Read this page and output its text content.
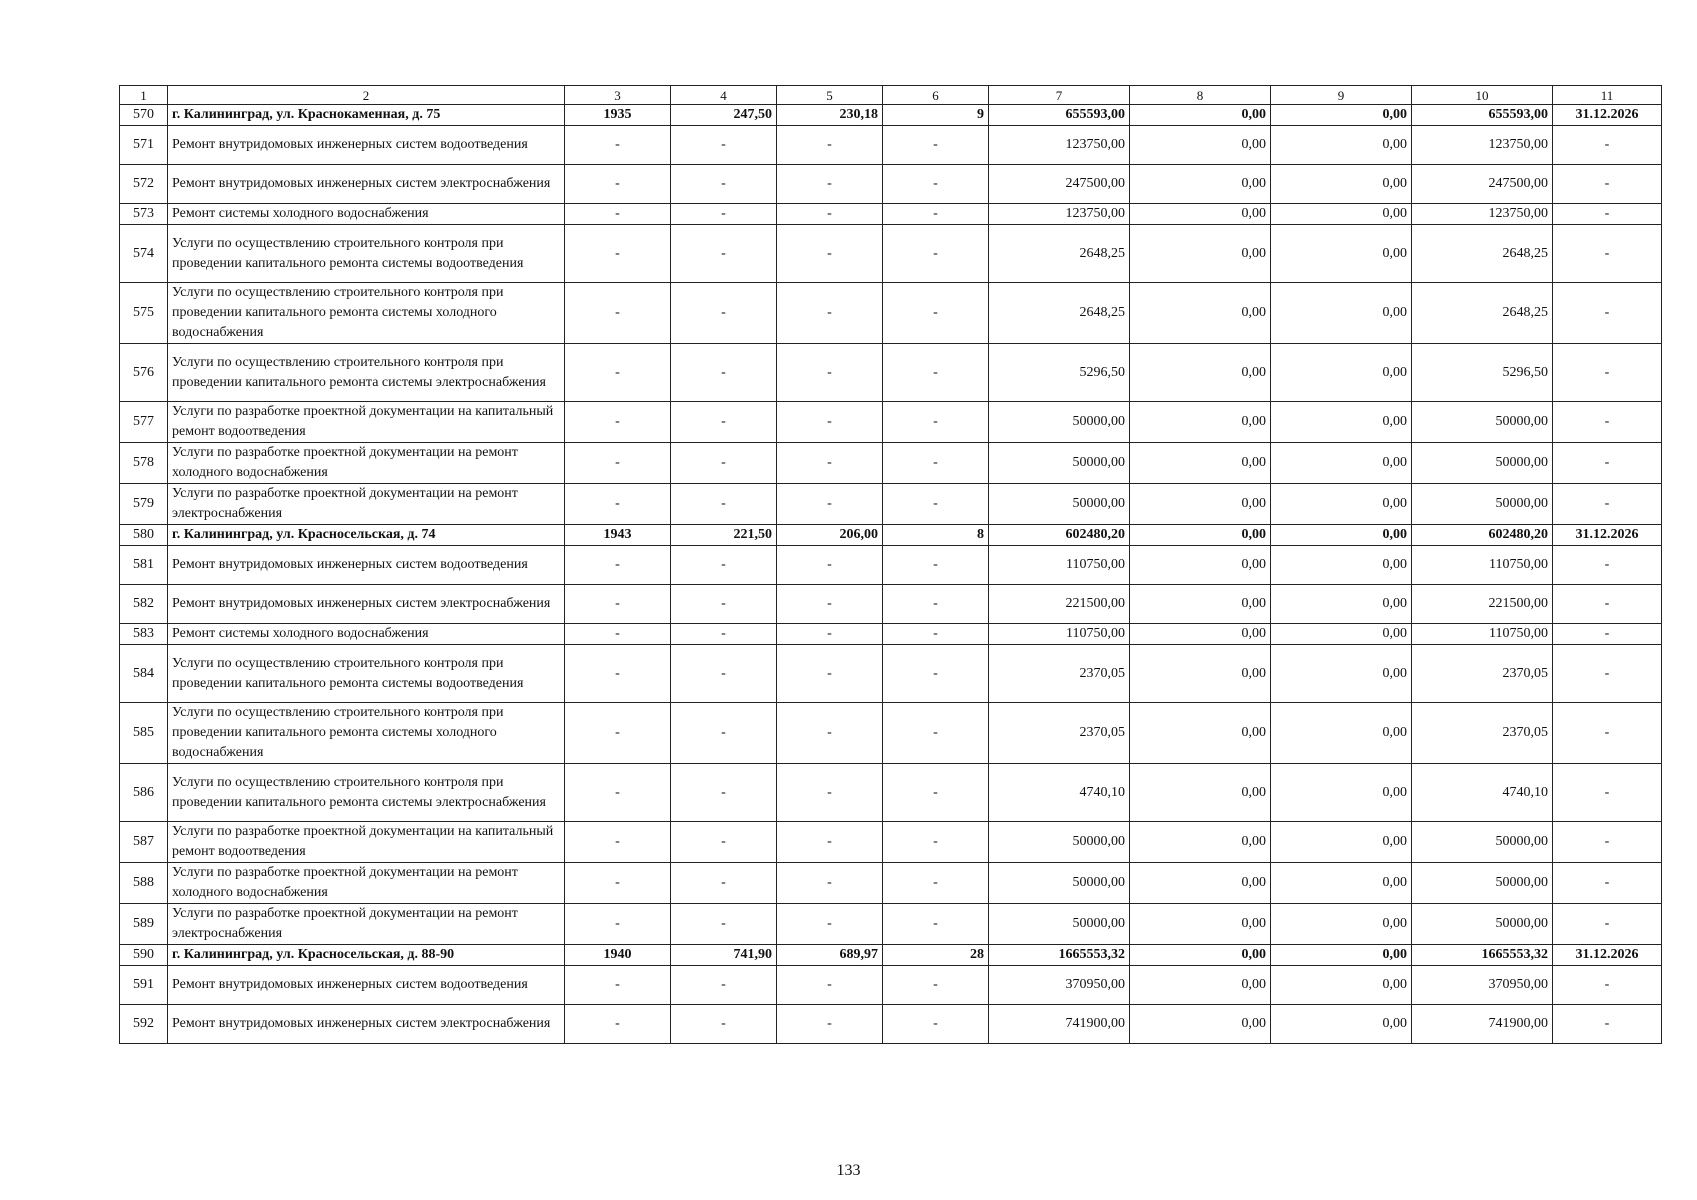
1	2	3	4	5	6	7	8	9	10	11
570	г. Калининград, ул. Краснокаменная, д. 75	1935	247,50	230,18	9	655593,00	0,00	0,00	655593,00	31.12.2026
571	Ремонт внутридомовых инженерных систем водоотведения	-	-	-	-	123750,00	0,00	0,00	123750,00	-
572	Ремонт внутридомовых инженерных систем электроснабжения	-	-	-	-	247500,00	0,00	0,00	247500,00	-
573	Ремонт системы холодного водоснабжения	-	-	-	-	123750,00	0,00	0,00	123750,00	-
574	Услуги по осуществлению строительного контроля при проведении капитального ремонта системы водоотведения	-	-	-	-	2648,25	0,00	0,00	2648,25	-
575	Услуги по осуществлению строительного контроля при проведении капитального ремонта системы холодного водоснабжения	-	-	-	-	2648,25	0,00	0,00	2648,25	-
576	Услуги по осуществлению строительного контроля при проведении капитального ремонта системы электроснабжения	-	-	-	-	5296,50	0,00	0,00	5296,50	-
577	Услуги по разработке проектной документации на капитальный ремонт водоотведения	-	-	-	-	50000,00	0,00	0,00	50000,00	-
578	Услуги по разработке проектной документации на ремонт холодного водоснабжения	-	-	-	-	50000,00	0,00	0,00	50000,00	-
579	Услуги по разработке проектной документации на ремонт электроснабжения	-	-	-	-	50000,00	0,00	0,00	50000,00	-
580	г. Калининград, ул. Красносельская, д. 74	1943	221,50	206,00	8	602480,20	0,00	0,00	602480,20	31.12.2026
581	Ремонт внутридомовых инженерных систем водоотведения	-	-	-	-	110750,00	0,00	0,00	110750,00	-
582	Ремонт внутридомовых инженерных систем электроснабжения	-	-	-	-	221500,00	0,00	0,00	221500,00	-
583	Ремонт системы холодного водоснабжения	-	-	-	-	110750,00	0,00	0,00	110750,00	-
584	Услуги по осуществлению строительного контроля при проведении капитального ремонта системы водоотведения	-	-	-	-	2370,05	0,00	0,00	2370,05	-
585	Услуги по осуществлению строительного контроля при проведении капитального ремонта системы холодного водоснабжения	-	-	-	-	2370,05	0,00	0,00	2370,05	-
586	Услуги по осуществлению строительного контроля при проведении капитального ремонта системы электроснабжения	-	-	-	-	4740,10	0,00	0,00	4740,10	-
587	Услуги по разработке проектной документации на капитальный ремонт водоотведения	-	-	-	-	50000,00	0,00	0,00	50000,00	-
588	Услуги по разработке проектной документации на ремонт холодного водоснабжения	-	-	-	-	50000,00	0,00	0,00	50000,00	-
589	Услуги по разработке проектной документации на ремонт электроснабжения	-	-	-	-	50000,00	0,00	0,00	50000,00	-
590	г. Калининград, ул. Красносельская, д. 88-90	1940	741,90	689,97	28	1665553,32	0,00	0,00	1665553,32	31.12.2026
591	Ремонт внутридомовых инженерных систем водоотведения	-	-	-	-	370950,00	0,00	0,00	370950,00	-
592	Ремонт внутридомовых инженерных систем электроснабжения	-	-	-	-	741900,00	0,00	0,00	741900,00	-
133
